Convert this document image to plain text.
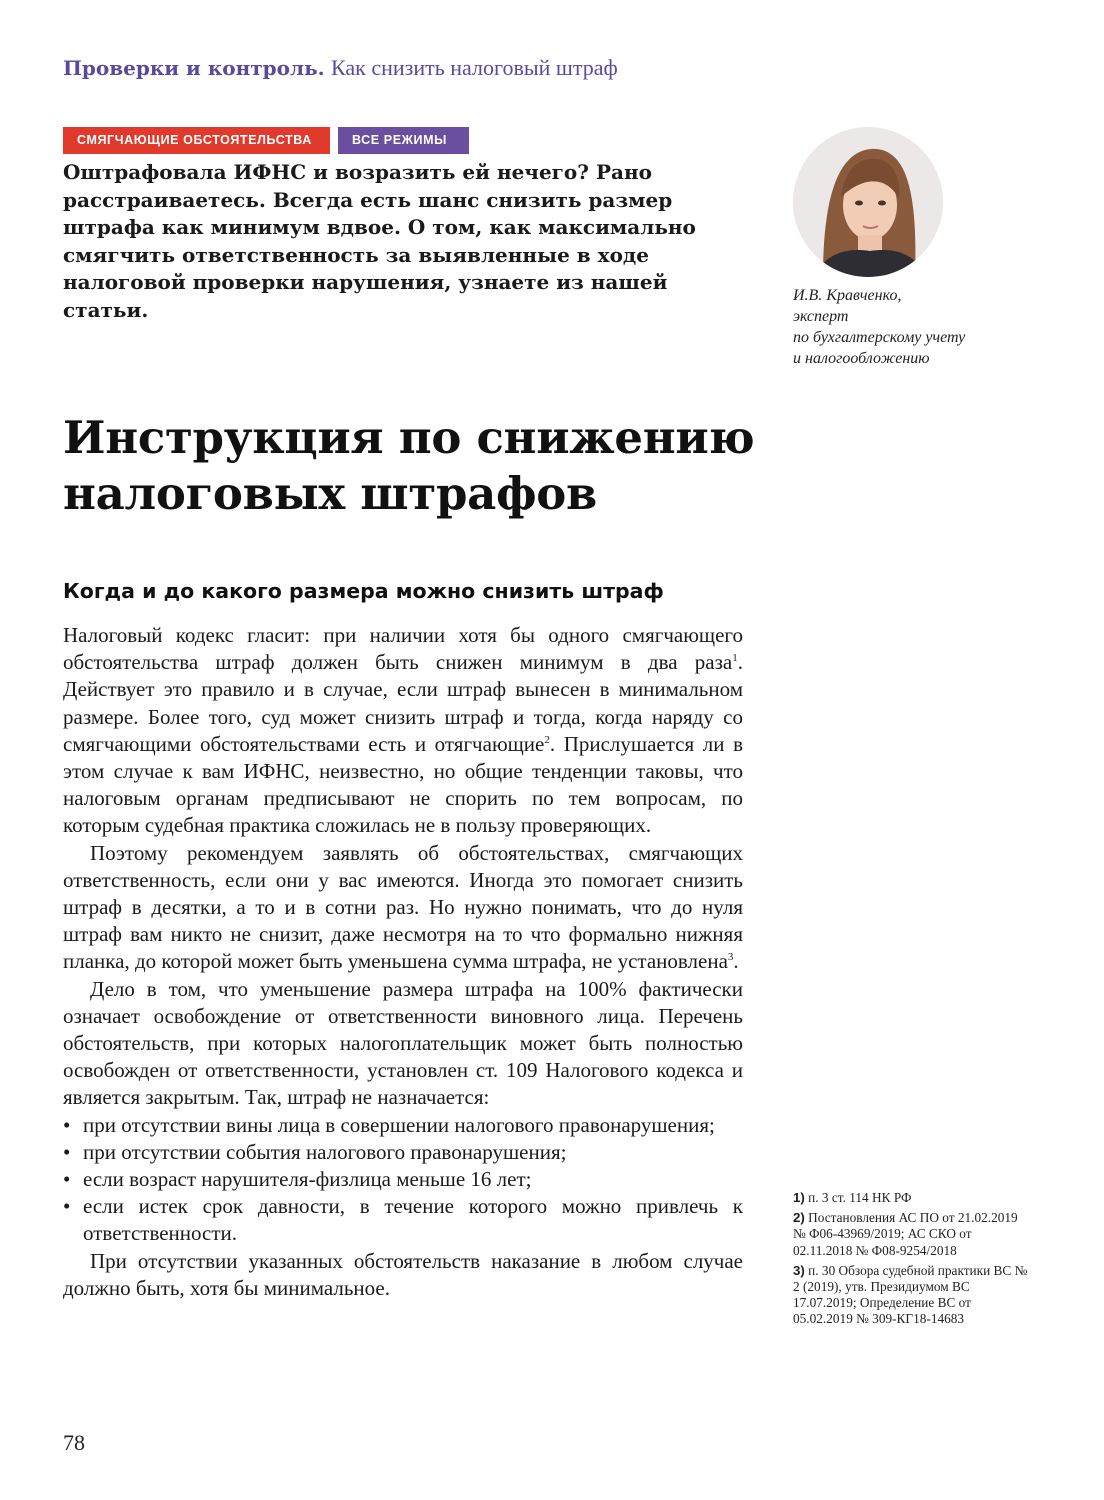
Проверки и контроль. Как снизить налоговый штраф
СМЯГЧАЮЩИЕ ОБСТОЯТЕЛЬСТВА	ВСЕ РЕЖИМЫ

Оштрафовала ИФНС и возразить ей нечего? Рано расстраиваетесь. Всегда есть шанс снизить размер штрафа как минимум вдвое. О том, как максимально смягчить ответственность за выявленные в ходе налоговой проверки нарушения, узнаете из нашей статьи.

И.В. Кравченко,
эксперт
по бухгалтерскому учету
и налогообложению
Инструкция по снижению налоговых штрафов
Когда и до какого размера можно снизить штраф

Налоговый кодекс гласит: при наличии хотя бы одного смягчающего обстоятельства штраф должен быть снижен минимум в два раза$^1$. Действует это правило и в случае, если штраф вынесен в минимальном размере. Более того, суд может снизить штраф и тогда, когда наряду со смягчающими обстоятельствами есть и отягчающие$^2$. Прислушается ли в этом случае к вам ИФНС, неизвестно, но общие тенденции таковы, что налоговым органам предписывают не спорить по тем вопросам, по которым судебная практика сложилась не в пользу проверяющих.

Поэтому рекомендуем заявлять об обстоятельствах, смягчающих ответственность, если они у вас имеются. Иногда это помогает снизить штраф в десятки, а то и в сотни раз. Но нужно понимать, что до нуля штраф вам никто не снизит, даже несмотря на то что формально нижняя планка, до которой может быть уменьшена сумма штрафа, не установлена$^3$.

Дело в том, что уменьшение размера штрафа на 100% фактически означает освобождение от ответственности виновного лица. Перечень обстоятельств, при которых налогоплательщик может быть полностью освобожден от ответственности, установлен ст. 109 Налогового кодекса и является закрытым. Так, штраф не назначается:

• при отсутствии вины лица в совершении налогового правонарушения;
• при отсутствии события налогового правонарушения;
• если возраст нарушителя-физлица меньше 16 лет;
• если истек срок давности, в течение которого можно привлечь к ответственности.

При отсутствии указанных обстоятельств наказание в любом случае должно быть, хотя бы минимальное.

1) п. 3 ст. 114 НК РФ
2) Постановления АС ПО от 21.02.2019 № Ф06-43969/2019; АС СКО от 02.11.2018 № Ф08-9254/2018
3) п. 30 Обзора судебной практики ВС № 2 (2019), утв. Президиумом ВС 17.07.2019; Определение ВС от 05.02.2019 № 309-КГ18-14683
78
